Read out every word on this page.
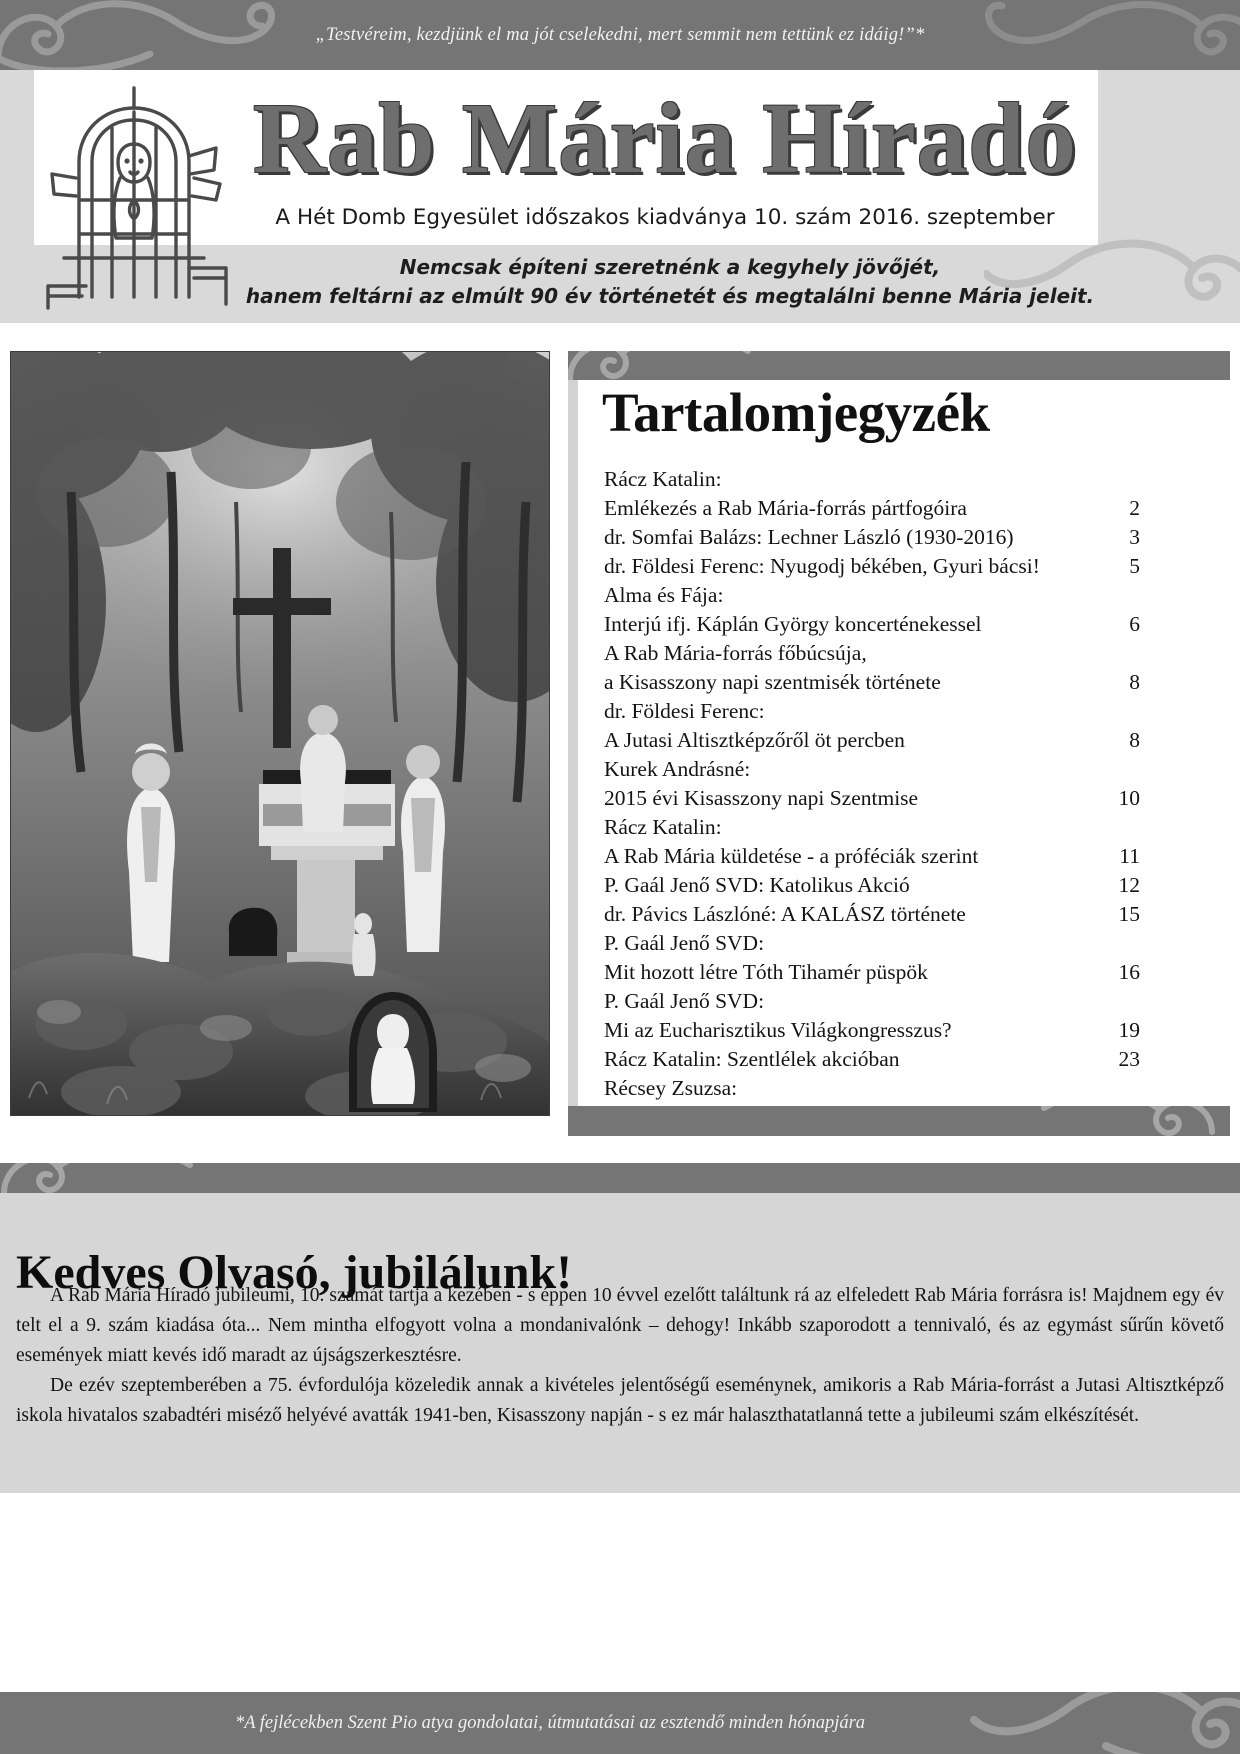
„Testvéreim, kezdjünk el ma jót cselekedni, mert semmit nem tettünk ez idáig!”*
Rab Mária Híradó
A Hét Domb Egyesület időszakos kiadványa 10. szám 2016. szeptember
Nemcsak építeni szeretnénk a kegyhely jövőjét,
hanem feltárni az elmúlt 90 év történetét és megtalálni benne Mária jeleit.
Tartalomjegyzék
Rácz Katalin:
Emlékezés a Rab Mária-forrás pártfogóira	2
dr. Somfai Balázs: Lechner László (1930-2016)	3
dr. Földesi Ferenc: Nyugodj békében, Gyuri bácsi!	5
Alma és Fája:
Interjú ifj. Káplán György koncerténekessel	6
A Rab Mária-forrás főbúcsúja,
a Kisasszony napi szentmisék története	8
dr. Földesi Ferenc:
A Jutasi Altisztképzőről öt percben	8
Kurek Andrásné:
2015 évi Kisasszony napi Szentmise	10
Rácz Katalin:
A Rab Mária küldetése - a próféciák szerint	11
P. Gaál Jenő SVD: Katolikus Akció	12
dr. Pávics Lászlóné: A KALÁSZ története	15
P. Gaál Jenő SVD:
Mit hozott létre Tóth Tihamér püspök	16
P. Gaál Jenő SVD:
Mi az Eucharisztikus Világkongresszus?	19
Rácz Katalin: Szentlélek akcióban	23
Récsey Zsuzsa:
Kedves Olvasó, jubilálunk!

A Rab Mária Híradó jubileumi, 10. számát tartja a kezében - s éppen 10 évvel ezelőtt találtunk rá az elfeledett Rab Mária forrásra is! Majdnem egy év telt el a 9. szám kiadása óta... Nem mintha elfogyott volna a mondanivalónk – dehogy! Inkább szaporodott a tennivaló, és az egymást sűrűn követő események miatt kevés idő maradt az újságszerkesztésre.

De ezév szeptemberében a 75. évfordulója közeledik annak a kivételes jelentőségű eseménynek, amikoris a Rab Mária-forrást a Jutasi Altisztképző iskola hivatalos szabadtéri miséző helyévé avatták 1941-ben, Kisasszony napján - s ez már halaszthatatlanná tette a jubileumi szám elkészítését.

*A fejlécekben Szent Pio atya gondolatai, útmutatásai az esztendő minden hónapjára
